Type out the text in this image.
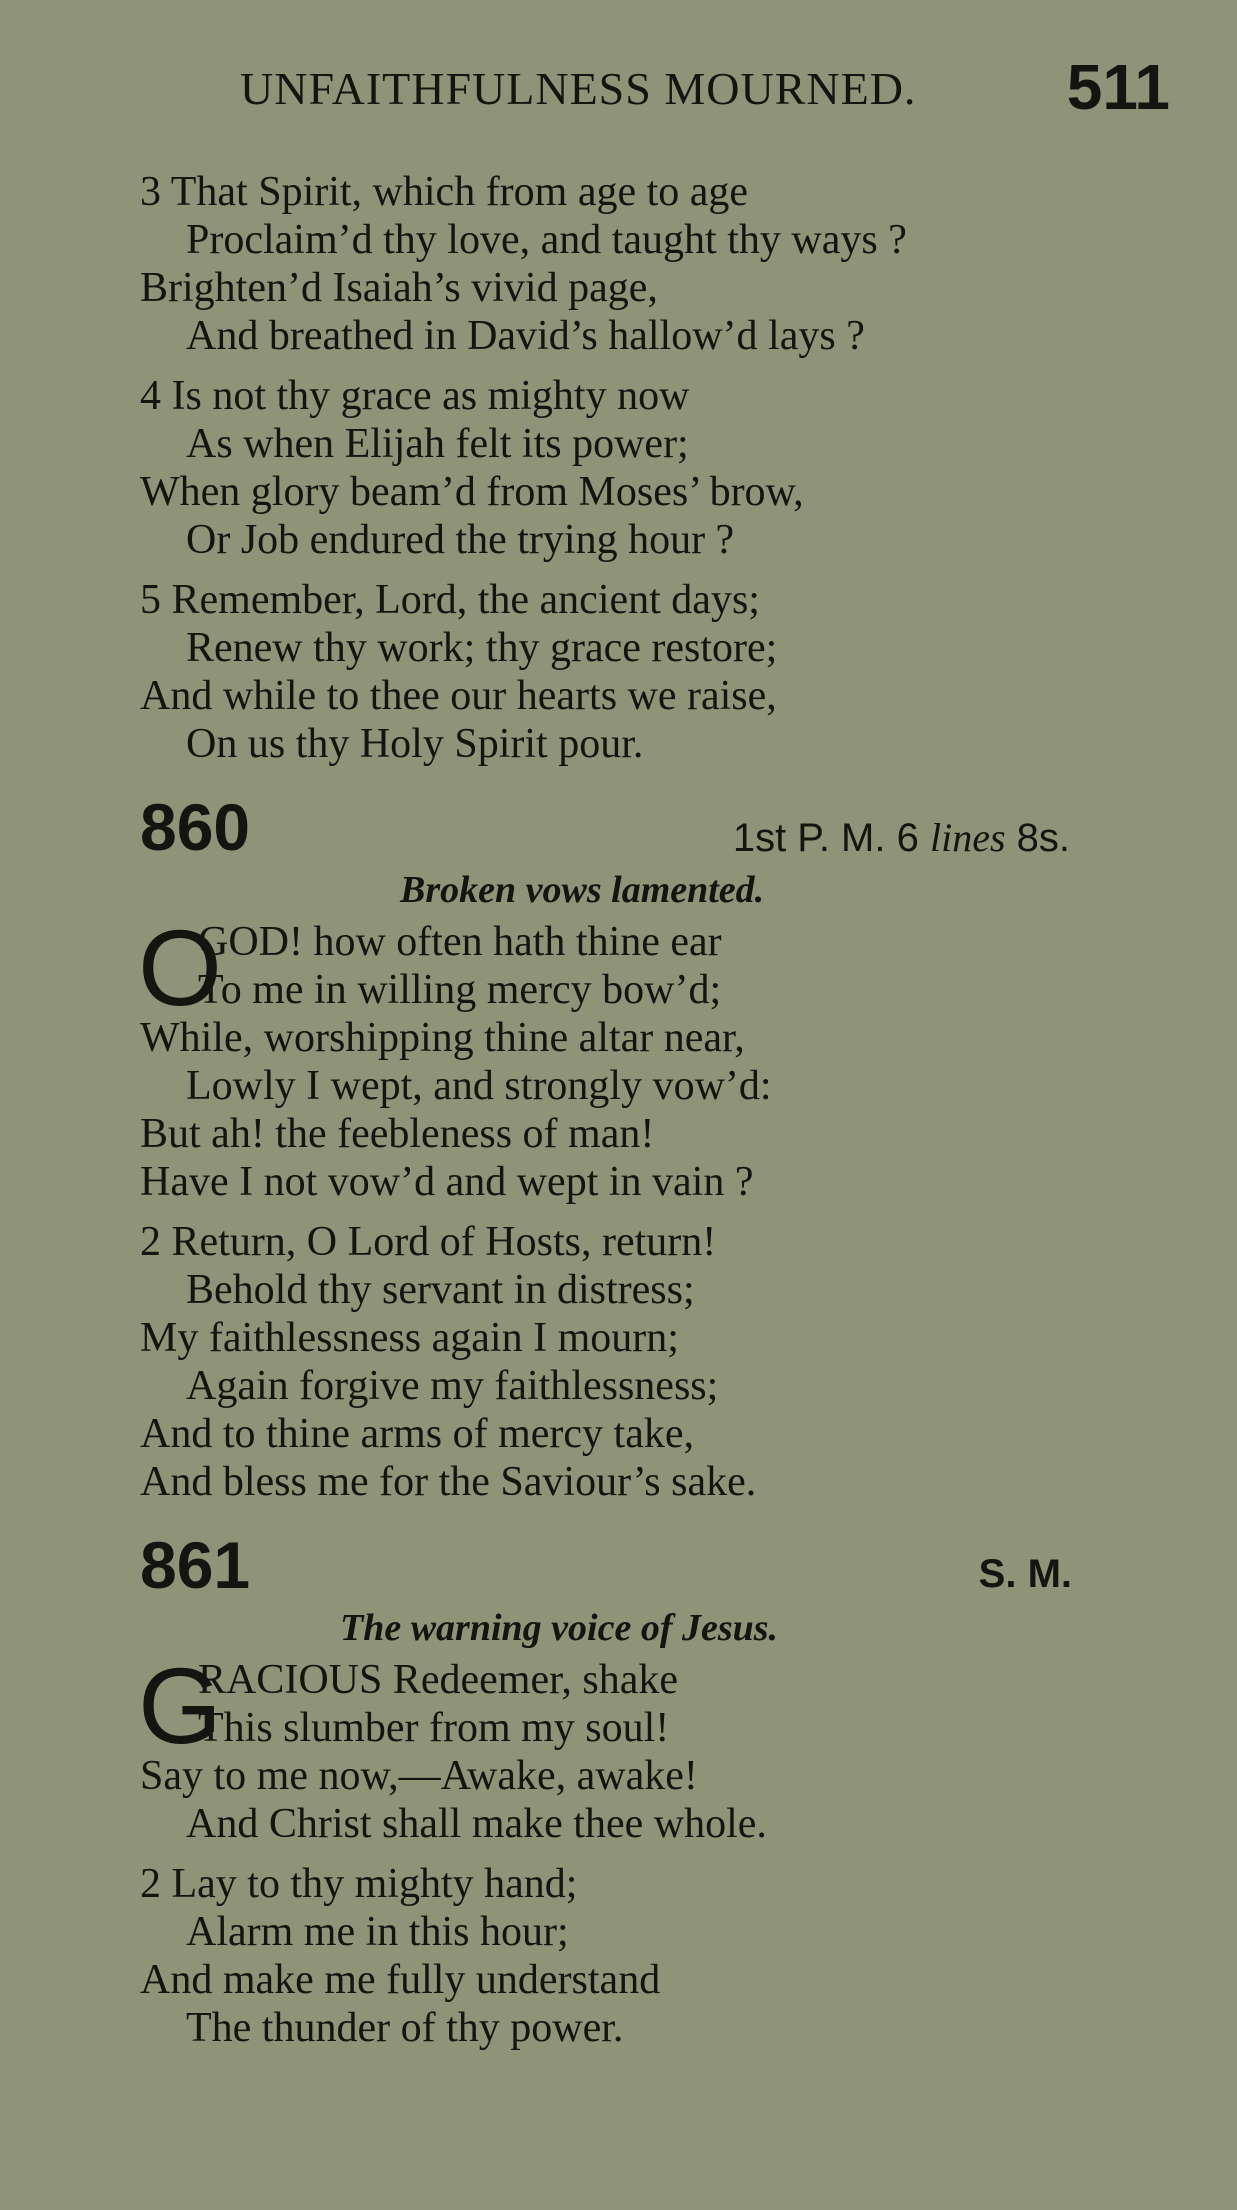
UNFAITHFULNESS MOURNED. 511
3 That Spirit, which from age to age
Proclaim’d thy love, and taught thy ways ?
Brighten’d Isaiah’s vivid page,
And breathed in David’s hallow’d lays ?
4 Is not thy grace as mighty now
As when Elijah felt its power;
When glory beam’d from Moses’ brow,
Or Job endured the trying hour ?
5 Remember, Lord, the ancient days;
Renew thy work; thy grace restore;
And while to thee our hearts we raise,
On us thy Holy Spirit pour.
860	1st P. M. 6 lines 8s.
Broken vows lamented.
O
GOD! how often hath thine ear
To me in willing mercy bow’d;
While, worshipping thine altar near,
Lowly I wept, and strongly vow’d:
But ah! the feebleness of man!
Have I not vow’d and wept in vain ?
2 Return, O Lord of Hosts, return!
Behold thy servant in distress;
My faithlessness again I mourn;
Again forgive my faithlessness;
And to thine arms of mercy take,
And bless me for the Saviour’s sake.
861	S. M.
The warning voice of Jesus.
G
RACIOUS Redeemer, shake
This slumber from my soul!
Say to me now,—Awake, awake!
And Christ shall make thee whole.
2 Lay to thy mighty hand;
Alarm me in this hour;
And make me fully understand
The thunder of thy power.
